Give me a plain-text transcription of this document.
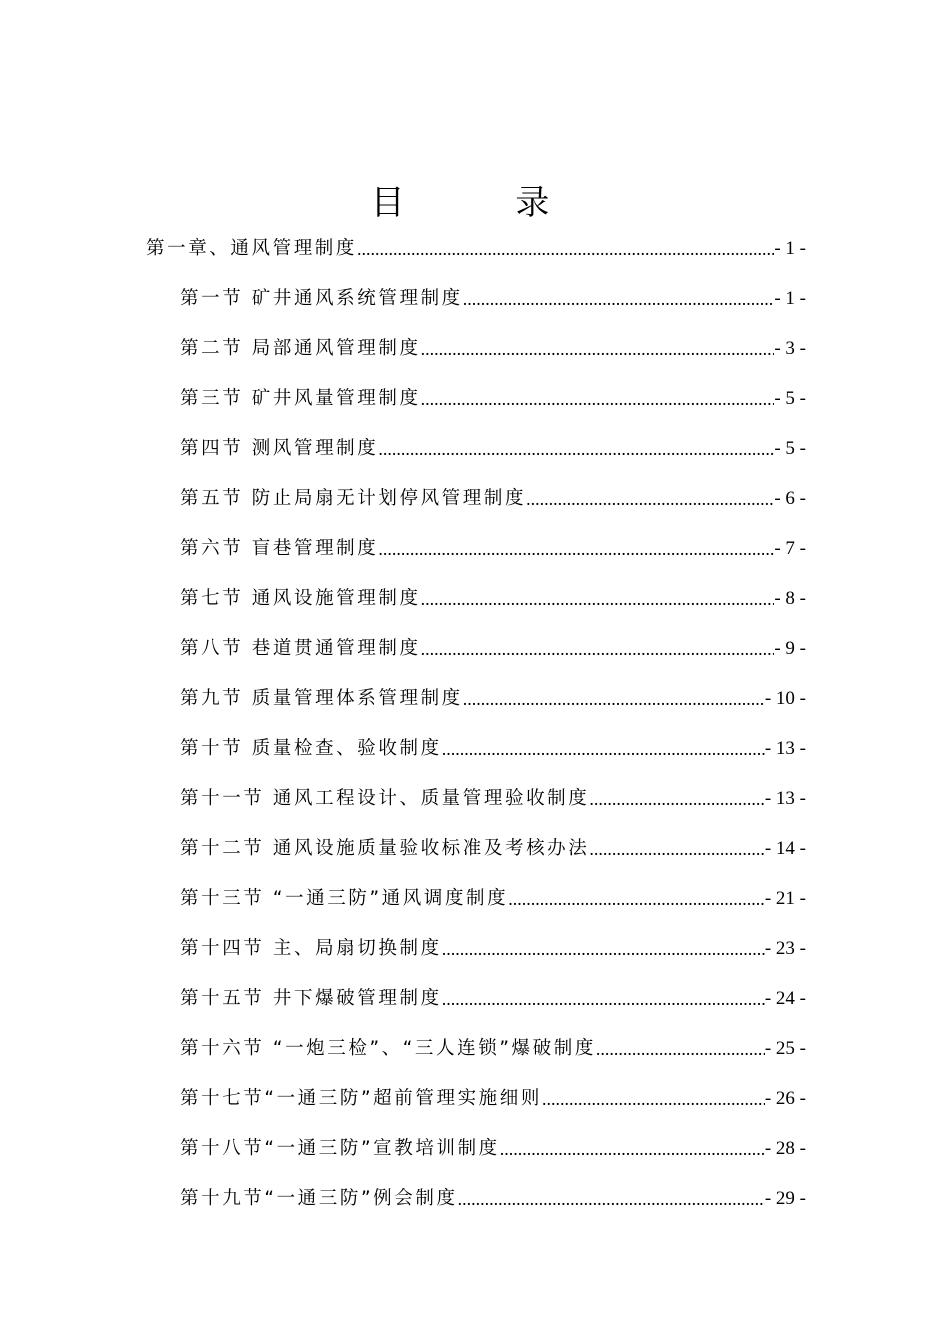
目 录
第一章、通风管理制度 .....	- 1 -
第一节 矿井通风系统管理制度 .....	- 1 -
第二节 局部通风管理制度 .....	- 3 -
第三节 矿井风量管理制度 .....	- 5 -
第四节 测风管理制度 .....	- 5 -
第五节 防止局扇无计划停风管理制度 .....	- 6 -
第六节 盲巷管理制度 .....	- 7 -
第七节 通风设施管理制度 .....	- 8 -
第八节 巷道贯通管理制度 .....	- 9 -
第九节 质量管理体系管理制度 .....	- 10 -
第十节 质量检查、验收制度 .....	- 13 -
第十一节 通风工程设计、质量管理验收制度 .....	- 13 -
第十二节 通风设施质量验收标准及考核办法 .....	- 14 -
第十三节 “一通三防”通风调度制度 .....	- 21 -
第十四节 主、局扇切换制度 .....	- 23 -
第十五节 井下爆破管理制度 .....	- 24 -
第十六节 “一炮三检”、“三人连锁”爆破制度 .....	- 25 -
第十七节“一通三防”超前管理实施细则 .....	- 26 -
第十八节“一通三防”宣教培训制度 .....	- 28 -
第十九节“一通三防”例会制度 .....	- 29 -
